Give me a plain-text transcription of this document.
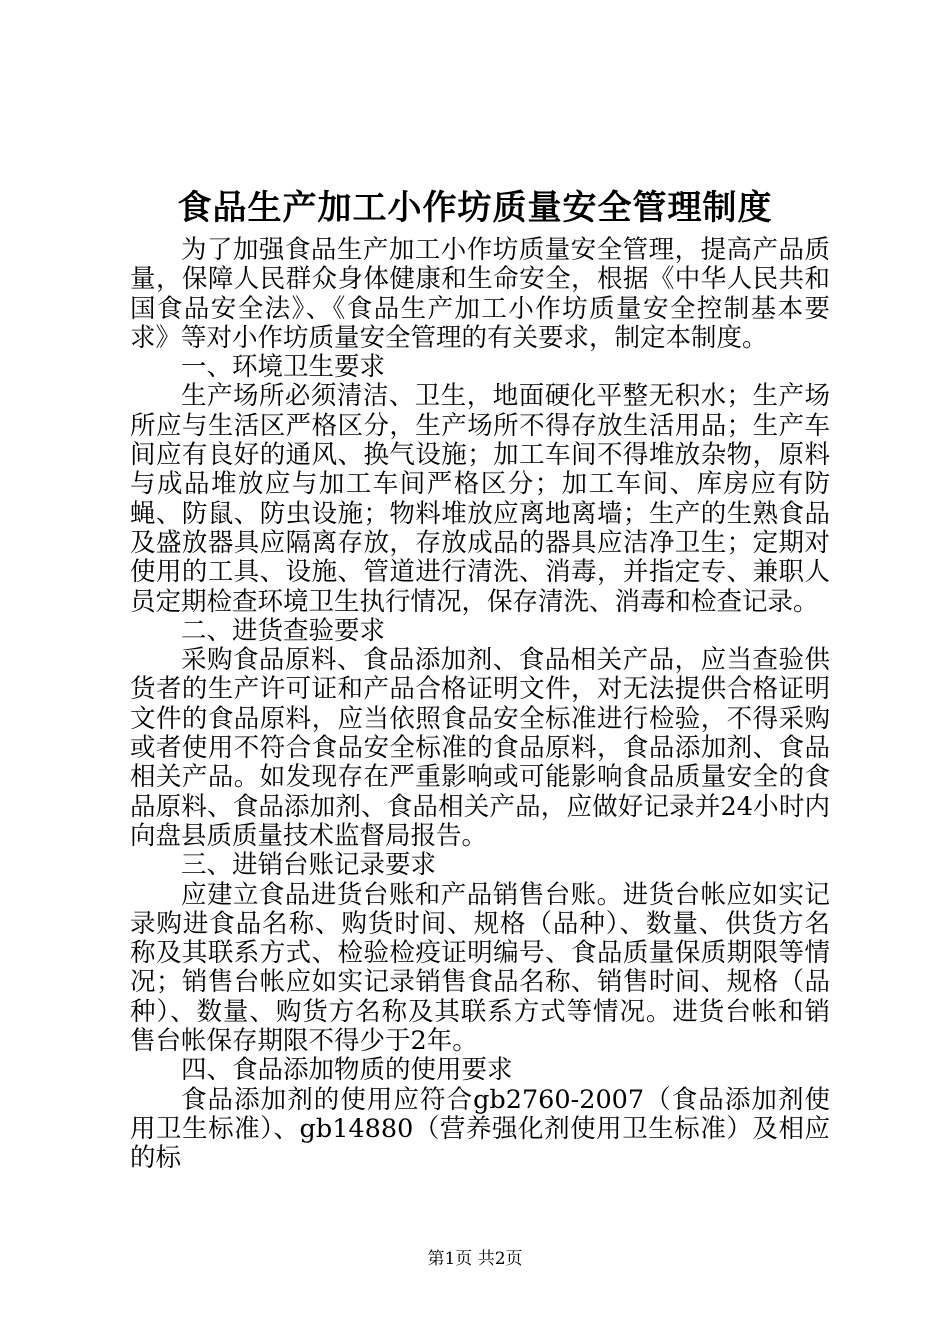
食品生产加工小作坊质量安全管理制度

为了加强食品生产加工小作坊质量安全管理，提高产品质量，保障人民群众身体健康和生命安全，根据《中华人民共和国食品安全法》、《食品生产加工小作坊质量安全控制基本要求》等对小作坊质量安全管理的有关要求，制定本制度。

一、环境卫生要求

生产场所必须清洁、卫生，地面硬化平整无积水；生产场所应与生活区严格区分，生产场所不得存放生活用品；生产车间应有良好的通风、换气设施；加工车间不得堆放杂物，原料与成品堆放应与加工车间严格区分；加工车间、库房应有防蝇、防鼠、防虫设施；物料堆放应离地离墙；生产的生熟食品及盛放器具应隔离存放，存放成品的器具应洁净卫生；定期对使用的工具、设施、管道进行清洗、消毒，并指定专、兼职人员定期检查环境卫生执行情况，保存清洗、消毒和检查记录。

二、进货查验要求

采购食品原料、食品添加剂、食品相关产品，应当查验供货者的生产许可证和产品合格证明文件，对无法提供合格证明文件的食品原料，应当依照食品安全标准进行检验，不得采购或者使用不符合食品安全标准的食品原料，食品添加剂、食品相关产品。如发现存在严重影响或可能影响食品质量安全的食品原料、食品添加剂、食品相关产品，应做好记录并24小时内向盘县质质量技术监督局报告。

三、进销台账记录要求

应建立食品进货台账和产品销售台账。进货台帐应如实记录购进食品名称、购货时间、规格（品种）、数量、供货方名称及其联系方式、检验检疫证明编号、食品质量保质期限等情况；销售台帐应如实记录销售食品名称、销售时间、规格（品种）、数量、购货方名称及其联系方式等情况。进货台帐和销售台帐保存期限不得少于2年。

四、食品添加物质的使用要求

食品添加剂的使用应符合gb2760-2007（食品添加剂使用卫生标准）、gb14880（营养强化剂使用卫生标准）及相应的标

第1页 共2页
